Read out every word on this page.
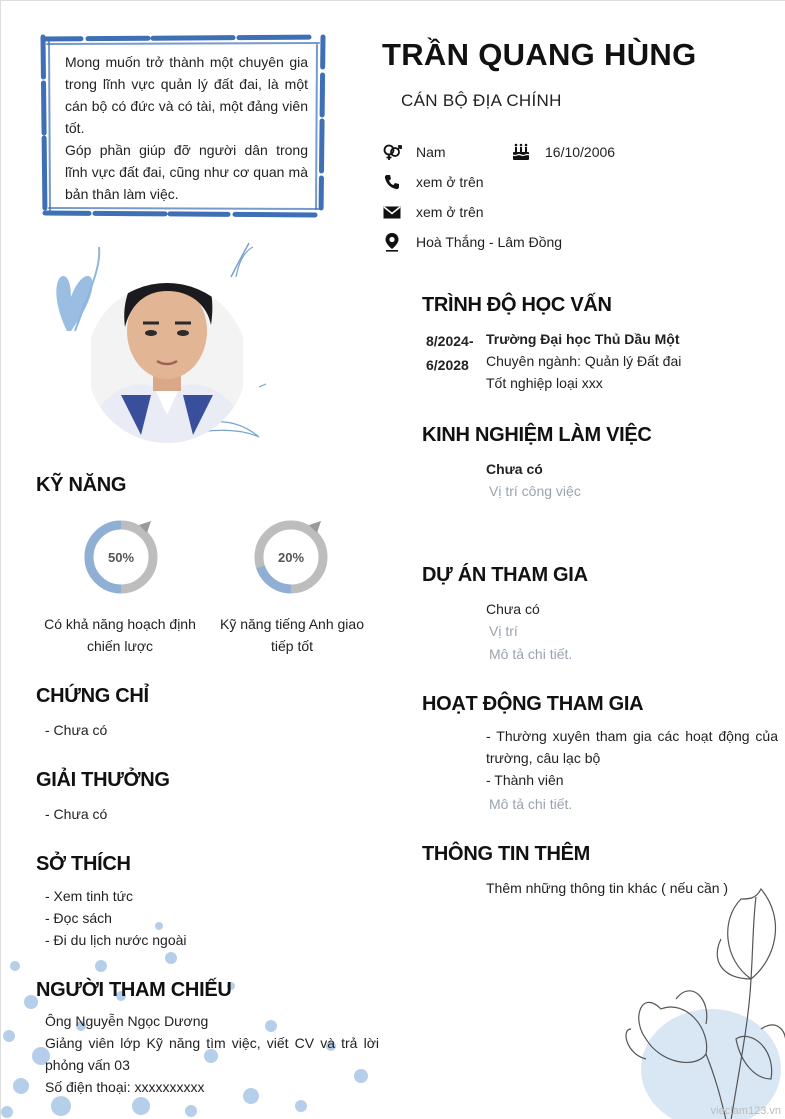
Mong muốn trở thành một chuyên gia trong lĩnh vực quản lý đất đai, là một cán bộ có đức và có tài, một đảng viên tốt.

Góp phần giúp đỡ người dân trong lĩnh vực đất đai, cũng như cơ quan mà bản thân làm việc.

TRẦN QUANG HÙNG
CÁN BỘ ĐỊA CHÍNH
Nam	16/10/2006
xem ở trên
xem ở trên
Hoà Thắng - Lâm Đồng
KỸ NĂNG
50%
Có khả năng hoạch định chiến lược
20%
Kỹ năng tiếng Anh giao tiếp tốt
CHỨNG CHỈ
- Chưa có
GIẢI THƯỞNG
- Chưa có
SỞ THÍCH
- Xem tinh tức
- Đọc sách
- Đi du lịch nước ngoài
NGƯỜI THAM CHIẾU
Ông Nguyễn Ngọc Dương
Giảng viên lớp Kỹ năng tìm việc, viết CV và trả lời phỏng vấn 03
Số điện thoại: xxxxxxxxxx
TRÌNH ĐỘ HỌC VẤN
8/2024-
6/2028
Trường Đại học Thủ Dầu Một
Chuyên ngành: Quản lý Đất đai
Tốt nghiệp loại xxx
KINH NGHIỆM LÀM VIỆC
Chưa có
Vị trí công việc
DỰ ÁN THAM GIA
Chưa có
Vị trí
Mô tả chi tiết.
HOẠT ĐỘNG THAM GIA
- Thường xuyên tham gia các hoạt động của trường, câu lạc bộ
- Thành viên
Mô tả chi tiết.
THÔNG TIN THÊM
Thêm những thông tin khác ( nếu cần )
vieclam123.vn
